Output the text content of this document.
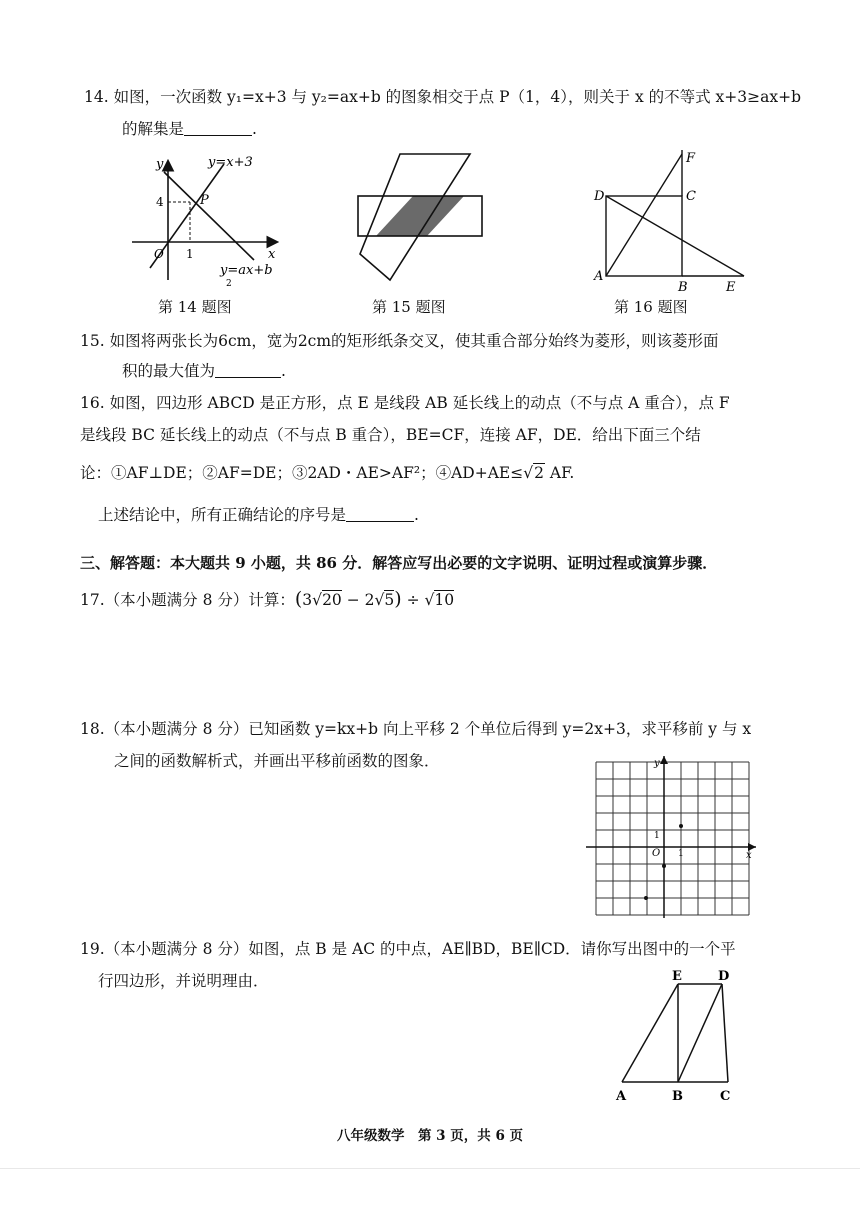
14. 如图，一次函数 y₁=x+3 与 y₂=ax+b 的图象相交于点 P（1，4），则关于 x 的不等式 x+3≥ax+b
的解集是	.
y
x
y=x+3
y=ax+b
2
P
4
1
O
第 14 题图	第 15 题图
D	C
F
A
B	E
第 16 题图
15. 如图将两张长为6cm，宽为2cm的矩形纸条交叉，使其重合部分始终为菱形，则该菱形面
积的最大值为	.
16. 如图，四边形 ABCD 是正方形，点 E 是线段 AB 延长线上的动点（不与点 A 重合），点 F
是线段 BC 延长线上的动点（不与点 B 重合），BE=CF，连接 AF，DE．给出下面三个结
论：①AF⊥DE；②AF=DE；③2AD・AE>AF²；④AD+AE≤√2 AF.
上述结论中，所有正确结论的序号是	.
三、解答题：本大题共 9 小题，共 86 分．解答应写出必要的文字说明、证明过程或演算步骤．
17.（本小题满分 8 分）计算：(3√20 − 2√5) ÷ √10
18.（本小题满分 8 分）已知函数 y=kx+b 向上平移 2 个单位后得到 y=2x+3，求平移前 y 与 x
之间的函数解析式，并画出平移前函数的图象．	y
x
O 1
1
19.（本小题满分 8 分）如图，点 B 是 AC 的中点，AE∥BD，BE∥CD．请你写出图中的一个平
行四边形，并说明理由．	E	D
A	B	C
八年级数学　第 3 页，共 6 页
